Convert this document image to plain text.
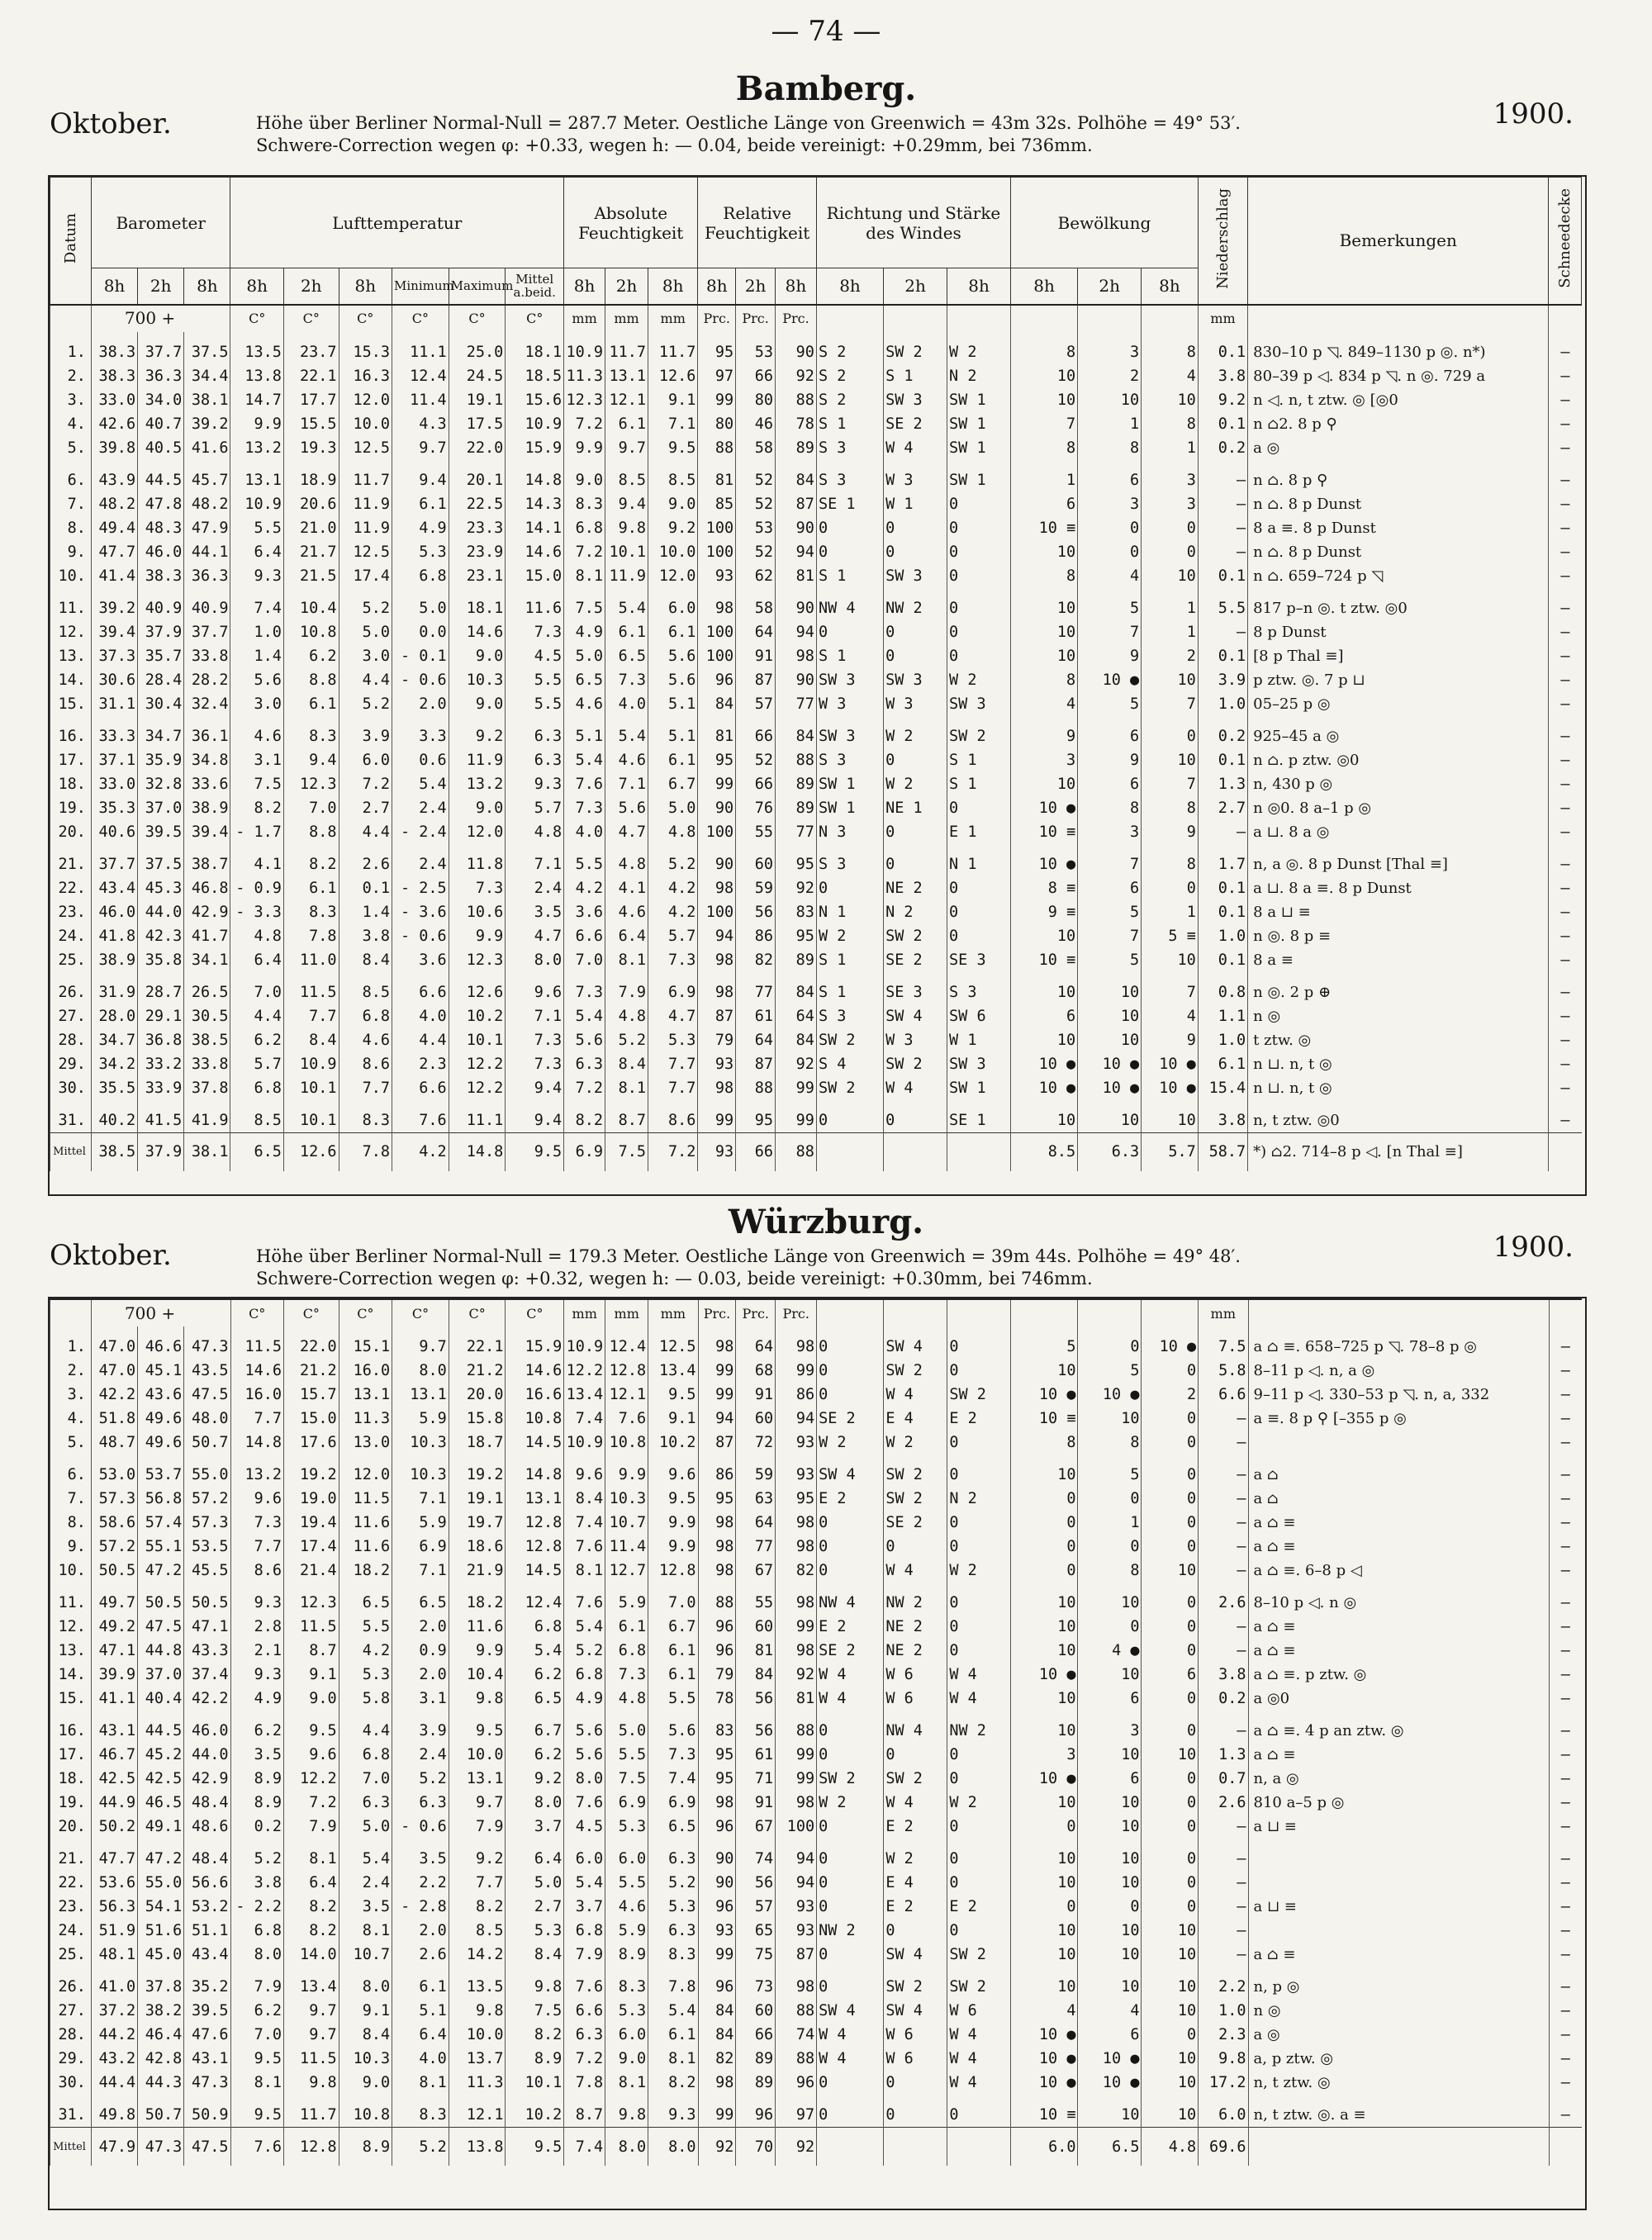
— 74 —
Bamberg.
Oktober.	1900.
Höhe über Berliner Normal-Null = 287.7 Meter. Oestliche Länge von Greenwich = 43m 32s. Polhöhe = 49° 53′.
Schwere-Correction wegen φ: +0.33, wegen h: — 0.04, beide vereinigt: +0.29mm, bei 736mm.
Datum	Barometer			Lufttemperatur						Absolute Feuchtigkeit			Relative Feuchtigkeit			Richtung und Stärke des Windes			Bewölkung			Niederschlag	Bemerkungen	Schneedecke
	8h	2h	8h	8h	2h	8h	Minimum	Maximum	Mittel a.beid.	8h	2h	8h	8h	2h	8h	8h	2h	8h	8h	2h	8h			
	700 +			C°	C°	C°	C°	C°	C°	mm	mm	mm	Prc.	Prc.	Prc.							mm		
1.	38.3	37.7	37.5	13.5	23.7	15.3	11.1	25.0	18.1	10.9	11.7	11.7	95	53	90	S 2	SW 2	W 2	8	3	8	0.1	830–10 p ◹. 849–1130 p ◎. n*)	—
2.	38.3	36.3	34.4	13.8	22.1	16.3	12.4	24.5	18.5	11.3	13.1	12.6	97	66	92	S 2	S 1	N 2	10	2	4	3.8	80–39 p ◁. 834 p ◹. n ◎. 729 a	—
3.	33.0	34.0	38.1	14.7	17.7	12.0	11.4	19.1	15.6	12.3	12.1	9.1	99	80	88	S 2	SW 3	SW 1	10	10	10	9.2	n ◁. n, t ztw. ◎ [◎0	—
4.	42.6	40.7	39.2	9.9	15.5	10.0	4.3	17.5	10.9	7.2	6.1	7.1	80	46	78	S 1	SE 2	SW 1	7	1	8	0.1	n ⌂2. 8 p ⚲	—
5.	39.8	40.5	41.6	13.2	19.3	12.5	9.7	22.0	15.9	9.9	9.7	9.5	88	58	89	S 3	W 4	SW 1	8	8	1	0.2	a ◎	—
6.	43.9	44.5	45.7	13.1	18.9	11.7	9.4	20.1	14.8	9.0	8.5	8.5	81	52	84	S 3	W 3	SW 1	1	6	3	—	n ⌂. 8 p ⚲	—
7.	48.2	47.8	48.2	10.9	20.6	11.9	6.1	22.5	14.3	8.3	9.4	9.0	85	52	87	SE 1	W 1	0	6	3	3	—	n ⌂. 8 p Dunst	—
8.	49.4	48.3	47.9	5.5	21.0	11.9	4.9	23.3	14.1	6.8	9.8	9.2	100	53	90	0	0	0	10 ≡	0	0	—	8 a ≡. 8 p Dunst	—
9.	47.7	46.0	44.1	6.4	21.7	12.5	5.3	23.9	14.6	7.2	10.1	10.0	100	52	94	0	0	0	10	0	0	—	n ⌂. 8 p Dunst	—
10.	41.4	38.3	36.3	9.3	21.5	17.4	6.8	23.1	15.0	8.1	11.9	12.0	93	62	81	S 1	SW 3	0	8	4	10	0.1	n ⌂. 659–724 p ◹	—
11.	39.2	40.9	40.9	7.4	10.4	5.2	5.0	18.1	11.6	7.5	5.4	6.0	98	58	90	NW 4	NW 2	0	10	5	1	5.5	817 p–n ◎. t ztw. ◎0	—
12.	39.4	37.9	37.7	1.0	10.8	5.0	0.0	14.6	7.3	4.9	6.1	6.1	100	64	94	0	0	0	10	7	1	—	8 p Dunst	—
13.	37.3	35.7	33.8	1.4	6.2	3.0	- 0.1	9.0	4.5	5.0	6.5	5.6	100	91	98	S 1	0	0	10	9	2	0.1	[8 p Thal ≡]	—
14.	30.6	28.4	28.2	5.6	8.8	4.4	- 0.6	10.3	5.5	6.5	7.3	5.6	96	87	90	SW 3	SW 3	W 2	8	10 ●	10	3.9	p ztw. ◎. 7 p ⊔	—
15.	31.1	30.4	32.4	3.0	6.1	5.2	2.0	9.0	5.5	4.6	4.0	5.1	84	57	77	W 3	W 3	SW 3	4	5	7	1.0	05–25 p ◎	—
16.	33.3	34.7	36.1	4.6	8.3	3.9	3.3	9.2	6.3	5.1	5.4	5.1	81	66	84	SW 3	W 2	SW 2	9	6	0	0.2	925–45 a ◎	—
17.	37.1	35.9	34.8	3.1	9.4	6.0	0.6	11.9	6.3	5.4	4.6	6.1	95	52	88	S 3	0	S 1	3	9	10	0.1	n ⌂. p ztw. ◎0	—
18.	33.0	32.8	33.6	7.5	12.3	7.2	5.4	13.2	9.3	7.6	7.1	6.7	99	66	89	SW 1	W 2	S 1	10	6	7	1.3	n, 430 p ◎	—
19.	35.3	37.0	38.9	8.2	7.0	2.7	2.4	9.0	5.7	7.3	5.6	5.0	90	76	89	SW 1	NE 1	0	10 ●	8	8	2.7	n ◎0. 8 a–1 p ◎	—
20.	40.6	39.5	39.4	- 1.7	8.8	4.4	- 2.4	12.0	4.8	4.0	4.7	4.8	100	55	77	N 3	0	E 1	10 ≡	3	9	—	a ⊔. 8 a ◎	—
21.	37.7	37.5	38.7	4.1	8.2	2.6	2.4	11.8	7.1	5.5	4.8	5.2	90	60	95	S 3	0	N 1	10 ●	7	8	1.7	n, a ◎. 8 p Dunst [Thal ≡]	—
22.	43.4	45.3	46.8	- 0.9	6.1	0.1	- 2.5	7.3	2.4	4.2	4.1	4.2	98	59	92	0	NE 2	0	8 ≡	6	0	0.1	a ⊔. 8 a ≡. 8 p Dunst	—
23.	46.0	44.0	42.9	- 3.3	8.3	1.4	- 3.6	10.6	3.5	3.6	4.6	4.2	100	56	83	N 1	N 2	0	9 ≡	5	1	0.1	8 a ⊔ ≡	—
24.	41.8	42.3	41.7	4.8	7.8	3.8	- 0.6	9.9	4.7	6.6	6.4	5.7	94	86	95	W 2	SW 2	0	10	7	5 ≡	1.0	n ◎. 8 p ≡	—
25.	38.9	35.8	34.1	6.4	11.0	8.4	3.6	12.3	8.0	7.0	8.1	7.3	98	82	89	S 1	SE 2	SE 3	10 ≡	5	10	0.1	8 a ≡	—
26.	31.9	28.7	26.5	7.0	11.5	8.5	6.6	12.6	9.6	7.3	7.9	6.9	98	77	84	S 1	SE 3	S 3	10	10	7	0.8	n ◎. 2 p ⊕	—
27.	28.0	29.1	30.5	4.4	7.7	6.8	4.0	10.2	7.1	5.4	4.8	4.7	87	61	64	S 3	SW 4	SW 6	6	10	4	1.1	n ◎	—
28.	34.7	36.8	38.5	6.2	8.4	4.6	4.4	10.1	7.3	5.6	5.2	5.3	79	64	84	SW 2	W 3	W 1	10	10	9	1.0	t ztw. ◎	—
29.	34.2	33.2	33.8	5.7	10.9	8.6	2.3	12.2	7.3	6.3	8.4	7.7	93	87	92	S 4	SW 2	SW 3	10 ●	10 ●	10 ●	6.1	n ⊔. n, t ◎	—
30.	35.5	33.9	37.8	6.8	10.1	7.7	6.6	12.2	9.4	7.2	8.1	7.7	98	88	99	SW 2	W 4	SW 1	10 ●	10 ●	10 ●	15.4	n ⊔. n, t ◎	—
31.	40.2	41.5	41.9	8.5	10.1	8.3	7.6	11.1	9.4	8.2	8.7	8.6	99	95	99	0	0	SE 1	10	10	10	3.8	n, t ztw. ◎0	—
Mittel	38.5	37.9	38.1	6.5	12.6	7.8	4.2	14.8	9.5	6.9	7.5	7.2	93	66	88				8.5	6.3	5.7	58.7	*) ⌂2. 714–8 p ◁. [n Thal ≡]	
Würzburg.
Oktober.	1900.
Höhe über Berliner Normal-Null = 179.3 Meter. Oestliche Länge von Greenwich = 39m 44s. Polhöhe = 49° 48′.
Schwere-Correction wegen φ: +0.32, wegen h: — 0.03, beide vereinigt: +0.30mm, bei 746mm.
	700 +			C°	C°	C°	C°	C°	C°	mm	mm	mm	Prc.	Prc.	Prc.							mm		
1.	47.0	46.6	47.3	11.5	22.0	15.1	9.7	22.1	15.9	10.9	12.4	12.5	98	64	98	0	SW 4	0	5	0	10 ●	7.5	a ⌂ ≡. 658–725 p ◹. 78–8 p ◎	—
2.	47.0	45.1	43.5	14.6	21.2	16.0	8.0	21.2	14.6	12.2	12.8	13.4	99	68	99	0	SW 2	0	10	5	0	5.8	8–11 p ◁. n, a ◎	—
3.	42.2	43.6	47.5	16.0	15.7	13.1	13.1	20.0	16.6	13.4	12.1	9.5	99	91	86	0	W 4	SW 2	10 ●	10 ●	2	6.6	9–11 p ◁. 330–53 p ◹. n, a, 332	—
4.	51.8	49.6	48.0	7.7	15.0	11.3	5.9	15.8	10.8	7.4	7.6	9.1	94	60	94	SE 2	E 4	E 2	10 ≡	10	0	—	a ≡. 8 p ⚲ [–355 p ◎	—
5.	48.7	49.6	50.7	14.8	17.6	13.0	10.3	18.7	14.5	10.9	10.8	10.2	87	72	93	W 2	W 2	0	8	8	0	—		—
6.	53.0	53.7	55.0	13.2	19.2	12.0	10.3	19.2	14.8	9.6	9.9	9.6	86	59	93	SW 4	SW 2	0	10	5	0	—	a ⌂	—
7.	57.3	56.8	57.2	9.6	19.0	11.5	7.1	19.1	13.1	8.4	10.3	9.5	95	63	95	E 2	SW 2	N 2	0	0	0	—	a ⌂	—
8.	58.6	57.4	57.3	7.3	19.4	11.6	5.9	19.7	12.8	7.4	10.7	9.9	98	64	98	0	SE 2	0	0	1	0	—	a ⌂ ≡	—
9.	57.2	55.1	53.5	7.7	17.4	11.6	6.9	18.6	12.8	7.6	11.4	9.9	98	77	98	0	0	0	0	0	0	—	a ⌂ ≡	—
10.	50.5	47.2	45.5	8.6	21.4	18.2	7.1	21.9	14.5	8.1	12.7	12.8	98	67	82	0	W 4	W 2	0	8	10	—	a ⌂ ≡. 6–8 p ◁	—
11.	49.7	50.5	50.5	9.3	12.3	6.5	6.5	18.2	12.4	7.6	5.9	7.0	88	55	98	NW 4	NW 2	0	10	10	0	2.6	8–10 p ◁. n ◎	—
12.	49.2	47.5	47.1	2.8	11.5	5.5	2.0	11.6	6.8	5.4	6.1	6.7	96	60	99	E 2	NE 2	0	10	0	0	—	a ⌂ ≡	—
13.	47.1	44.8	43.3	2.1	8.7	4.2	0.9	9.9	5.4	5.2	6.8	6.1	96	81	98	SE 2	NE 2	0	10	4 ●	0	—	a ⌂ ≡	—
14.	39.9	37.0	37.4	9.3	9.1	5.3	2.0	10.4	6.2	6.8	7.3	6.1	79	84	92	W 4	W 6	W 4	10 ●	10	6	3.8	a ⌂ ≡. p ztw. ◎	—
15.	41.1	40.4	42.2	4.9	9.0	5.8	3.1	9.8	6.5	4.9	4.8	5.5	78	56	81	W 4	W 6	W 4	10	6	0	0.2	a ◎0	—
16.	43.1	44.5	46.0	6.2	9.5	4.4	3.9	9.5	6.7	5.6	5.0	5.6	83	56	88	0	NW 4	NW 2	10	3	0	—	a ⌂ ≡. 4 p an ztw. ◎	—
17.	46.7	45.2	44.0	3.5	9.6	6.8	2.4	10.0	6.2	5.6	5.5	7.3	95	61	99	0	0	0	3	10	10	1.3	a ⌂ ≡	—
18.	42.5	42.5	42.9	8.9	12.2	7.0	5.2	13.1	9.2	8.0	7.5	7.4	95	71	99	SW 2	SW 2	0	10 ●	6	0	0.7	n, a ◎	—
19.	44.9	46.5	48.4	8.9	7.2	6.3	6.3	9.7	8.0	7.6	6.9	6.9	98	91	98	W 2	W 4	W 2	10	10	0	2.6	810 a–5 p ◎	—
20.	50.2	49.1	48.6	0.2	7.9	5.0	- 0.6	7.9	3.7	4.5	5.3	6.5	96	67	100	0	E 2	0	0	10	0	—	a ⊔ ≡	—
21.	47.7	47.2	48.4	5.2	8.1	5.4	3.5	9.2	6.4	6.0	6.0	6.3	90	74	94	0	W 2	0	10	10	0	—		—
22.	53.6	55.0	56.6	3.8	6.4	2.4	2.2	7.7	5.0	5.4	5.5	5.2	90	56	94	0	E 4	0	10	10	0	—		—
23.	56.3	54.1	53.2	- 2.2	8.2	3.5	- 2.8	8.2	2.7	3.7	4.6	5.3	96	57	93	0	E 2	E 2	0	0	0	—	a ⊔ ≡	—
24.	51.9	51.6	51.1	6.8	8.2	8.1	2.0	8.5	5.3	6.8	5.9	6.3	93	65	93	NW 2	0	0	10	10	10	—		—
25.	48.1	45.0	43.4	8.0	14.0	10.7	2.6	14.2	8.4	7.9	8.9	8.3	99	75	87	0	SW 4	SW 2	10	10	10	—	a ⌂ ≡	—
26.	41.0	37.8	35.2	7.9	13.4	8.0	6.1	13.5	9.8	7.6	8.3	7.8	96	73	98	0	SW 2	SW 2	10	10	10	2.2	n, p ◎	—
27.	37.2	38.2	39.5	6.2	9.7	9.1	5.1	9.8	7.5	6.6	5.3	5.4	84	60	88	SW 4	SW 4	W 6	4	4	10	1.0	n ◎	—
28.	44.2	46.4	47.6	7.0	9.7	8.4	6.4	10.0	8.2	6.3	6.0	6.1	84	66	74	W 4	W 6	W 4	10 ●	6	0	2.3	a ◎	—
29.	43.2	42.8	43.1	9.5	11.5	10.3	4.0	13.7	8.9	7.2	9.0	8.1	82	89	88	W 4	W 6	W 4	10 ●	10 ●	10	9.8	a, p ztw. ◎	—
30.	44.4	44.3	47.3	8.1	9.8	9.0	8.1	11.3	10.1	7.8	8.1	8.2	98	89	96	0	0	W 4	10 ●	10 ●	10	17.2	n, t ztw. ◎	—
31.	49.8	50.7	50.9	9.5	11.7	10.8	8.3	12.1	10.2	8.7	9.8	9.3	99	96	97	0	0	0	10 ≡	10	10	6.0	n, t ztw. ◎. a ≡	—
Mittel	47.9	47.3	47.5	7.6	12.8	8.9	5.2	13.8	9.5	7.4	8.0	8.0	92	70	92				6.0	6.5	4.8	69.6		
